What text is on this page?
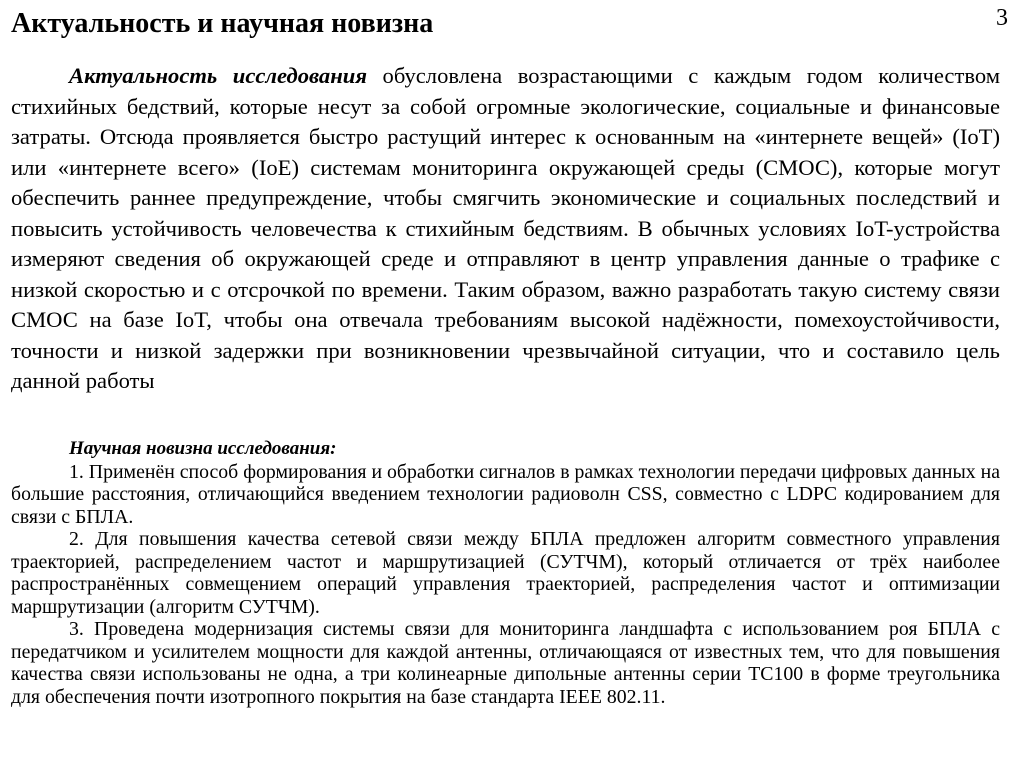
3
Актуальность и научная новизна

Актуальность исследования обусловлена возрастающими с каждым годом количеством стихийных бедствий, которые несут за собой огромные экологические, социальные и финансовые затраты. Отсюда проявляется быстро растущий интерес к основанным на «интернете вещей» (IoT) или «интернете всего» (IoE) системам мониторинга окружающей среды (СМОС), которые могут обеспечить раннее предупреждение, чтобы смягчить экономические и социальных последствий и повысить устойчивость человечества к стихийным бедствиям. В обычных условиях IoT-устройства измеряют сведения об окружающей среде и отправляют в центр управления данные о трафике с низкой скоростью и с отсрочкой по времени. Таким образом, важно разработать такую систему связи СМОС на базе IoT, чтобы она отвечала требованиям высокой надёжности, помехоустойчивости, точности и низкой задержки при возникновении чрезвычайной ситуации, что и составило цель данной работы

Научная новизна исследования:

1. Применён способ формирования и обработки сигналов в рамках технологии передачи цифровых данных на большие расстояния, отличающийся введением технологии радиоволн CSS, совместно с LDPC кодированием для связи с БПЛА.

2. Для повышения качества сетевой связи между БПЛА предложен алгоритм совместного управления траекторией, распределением частот и маршрутизацией (СУТЧМ), который отличается от трёх наиболее распространённых совмещением операций управления траекторией, распределения частот и оптимизации маршрутизации (алгоритм СУТЧМ).

3. Проведена модернизация системы связи для мониторинга ландшафта с использованием роя БПЛА с передатчиком и усилителем мощности для каждой антенны, отличающаяся от известных тем, что для повышения качества связи использованы не одна, а три колинеарные дипольные антенны серии TC100 в форме треугольника для обеспечения почти изотропного покрытия на базе стандарта IEEE 802.11.
